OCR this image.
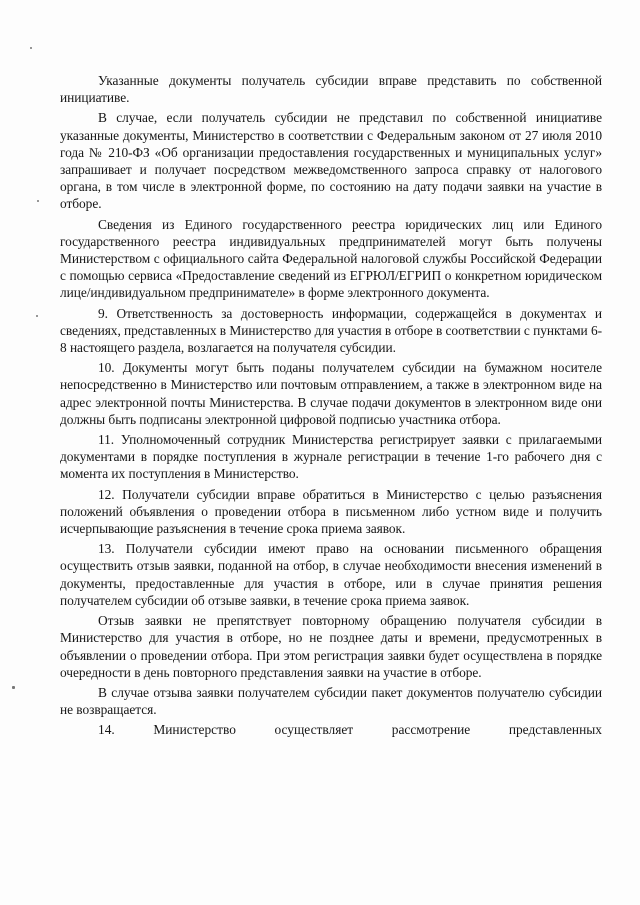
Указанные документы получатель субсидии вправе представить по собственной инициативе.

В случае, если получатель субсидии не представил по собственной инициативе указанные документы, Министерство в соответствии с Федеральным законом от 27 июля 2010 года № 210-ФЗ «Об организации предоставления государственных и муниципальных услуг» запрашивает и получает посредством межведомственного запроса справку от налогового органа, в том числе в электронной форме, по состоянию на дату подачи заявки на участие в отборе.

Сведения из Единого государственного реестра юридических лиц или Единого государственного реестра индивидуальных предпринимателей могут быть получены Министерством с официального сайта Федеральной налоговой службы Российской Федерации с помощью сервиса «Предоставление сведений из ЕГРЮЛ/ЕГРИП о конкретном юридическом лице/индивидуальном предпринимателе» в форме электронного документа.

9. Ответственность за достоверность информации, содержащейся в документах и сведениях, представленных в Министерство для участия в отборе в соответствии с пунктами 6-8 настоящего раздела, возлагается на получателя субсидии.

10. Документы могут быть поданы получателем субсидии на бумажном носителе непосредственно в Министерство или почтовым отправлением, а также в электронном виде на адрес электронной почты Министерства. В случае подачи документов в электронном виде они должны быть подписаны электронной цифровой подписью участника отбора.

11. Уполномоченный сотрудник Министерства регистрирует заявки с прилагаемыми документами в порядке поступления в журнале регистрации в течение 1-го рабочего дня с момента их поступления в Министерство.

12. Получатели субсидии вправе обратиться в Министерство с целью разъяснения положений объявления о проведении отбора в письменном либо устном виде и получить исчерпывающие разъяснения в течение срока приема заявок.

13. Получатели субсидии имеют право на основании письменного обращения осуществить отзыв заявки, поданной на отбор, в случае необходимости внесения изменений в документы, предоставленные для участия в отборе, или в случае принятия решения получателем субсидии об отзыве заявки, в течение срока приема заявок.

Отзыв заявки не препятствует повторному обращению получателя субсидии в Министерство для участия в отборе, но не позднее даты и времени, предусмотренных в объявлении о проведении отбора. При этом регистрация заявки будет осуществлена в порядке очередности в день повторного представления заявки на участие в отборе.

В случае отзыва заявки получателем субсидии пакет документов получателю субсидии не возвращается.

14.	Министерство	осуществляет	рассмотрение	представленных
